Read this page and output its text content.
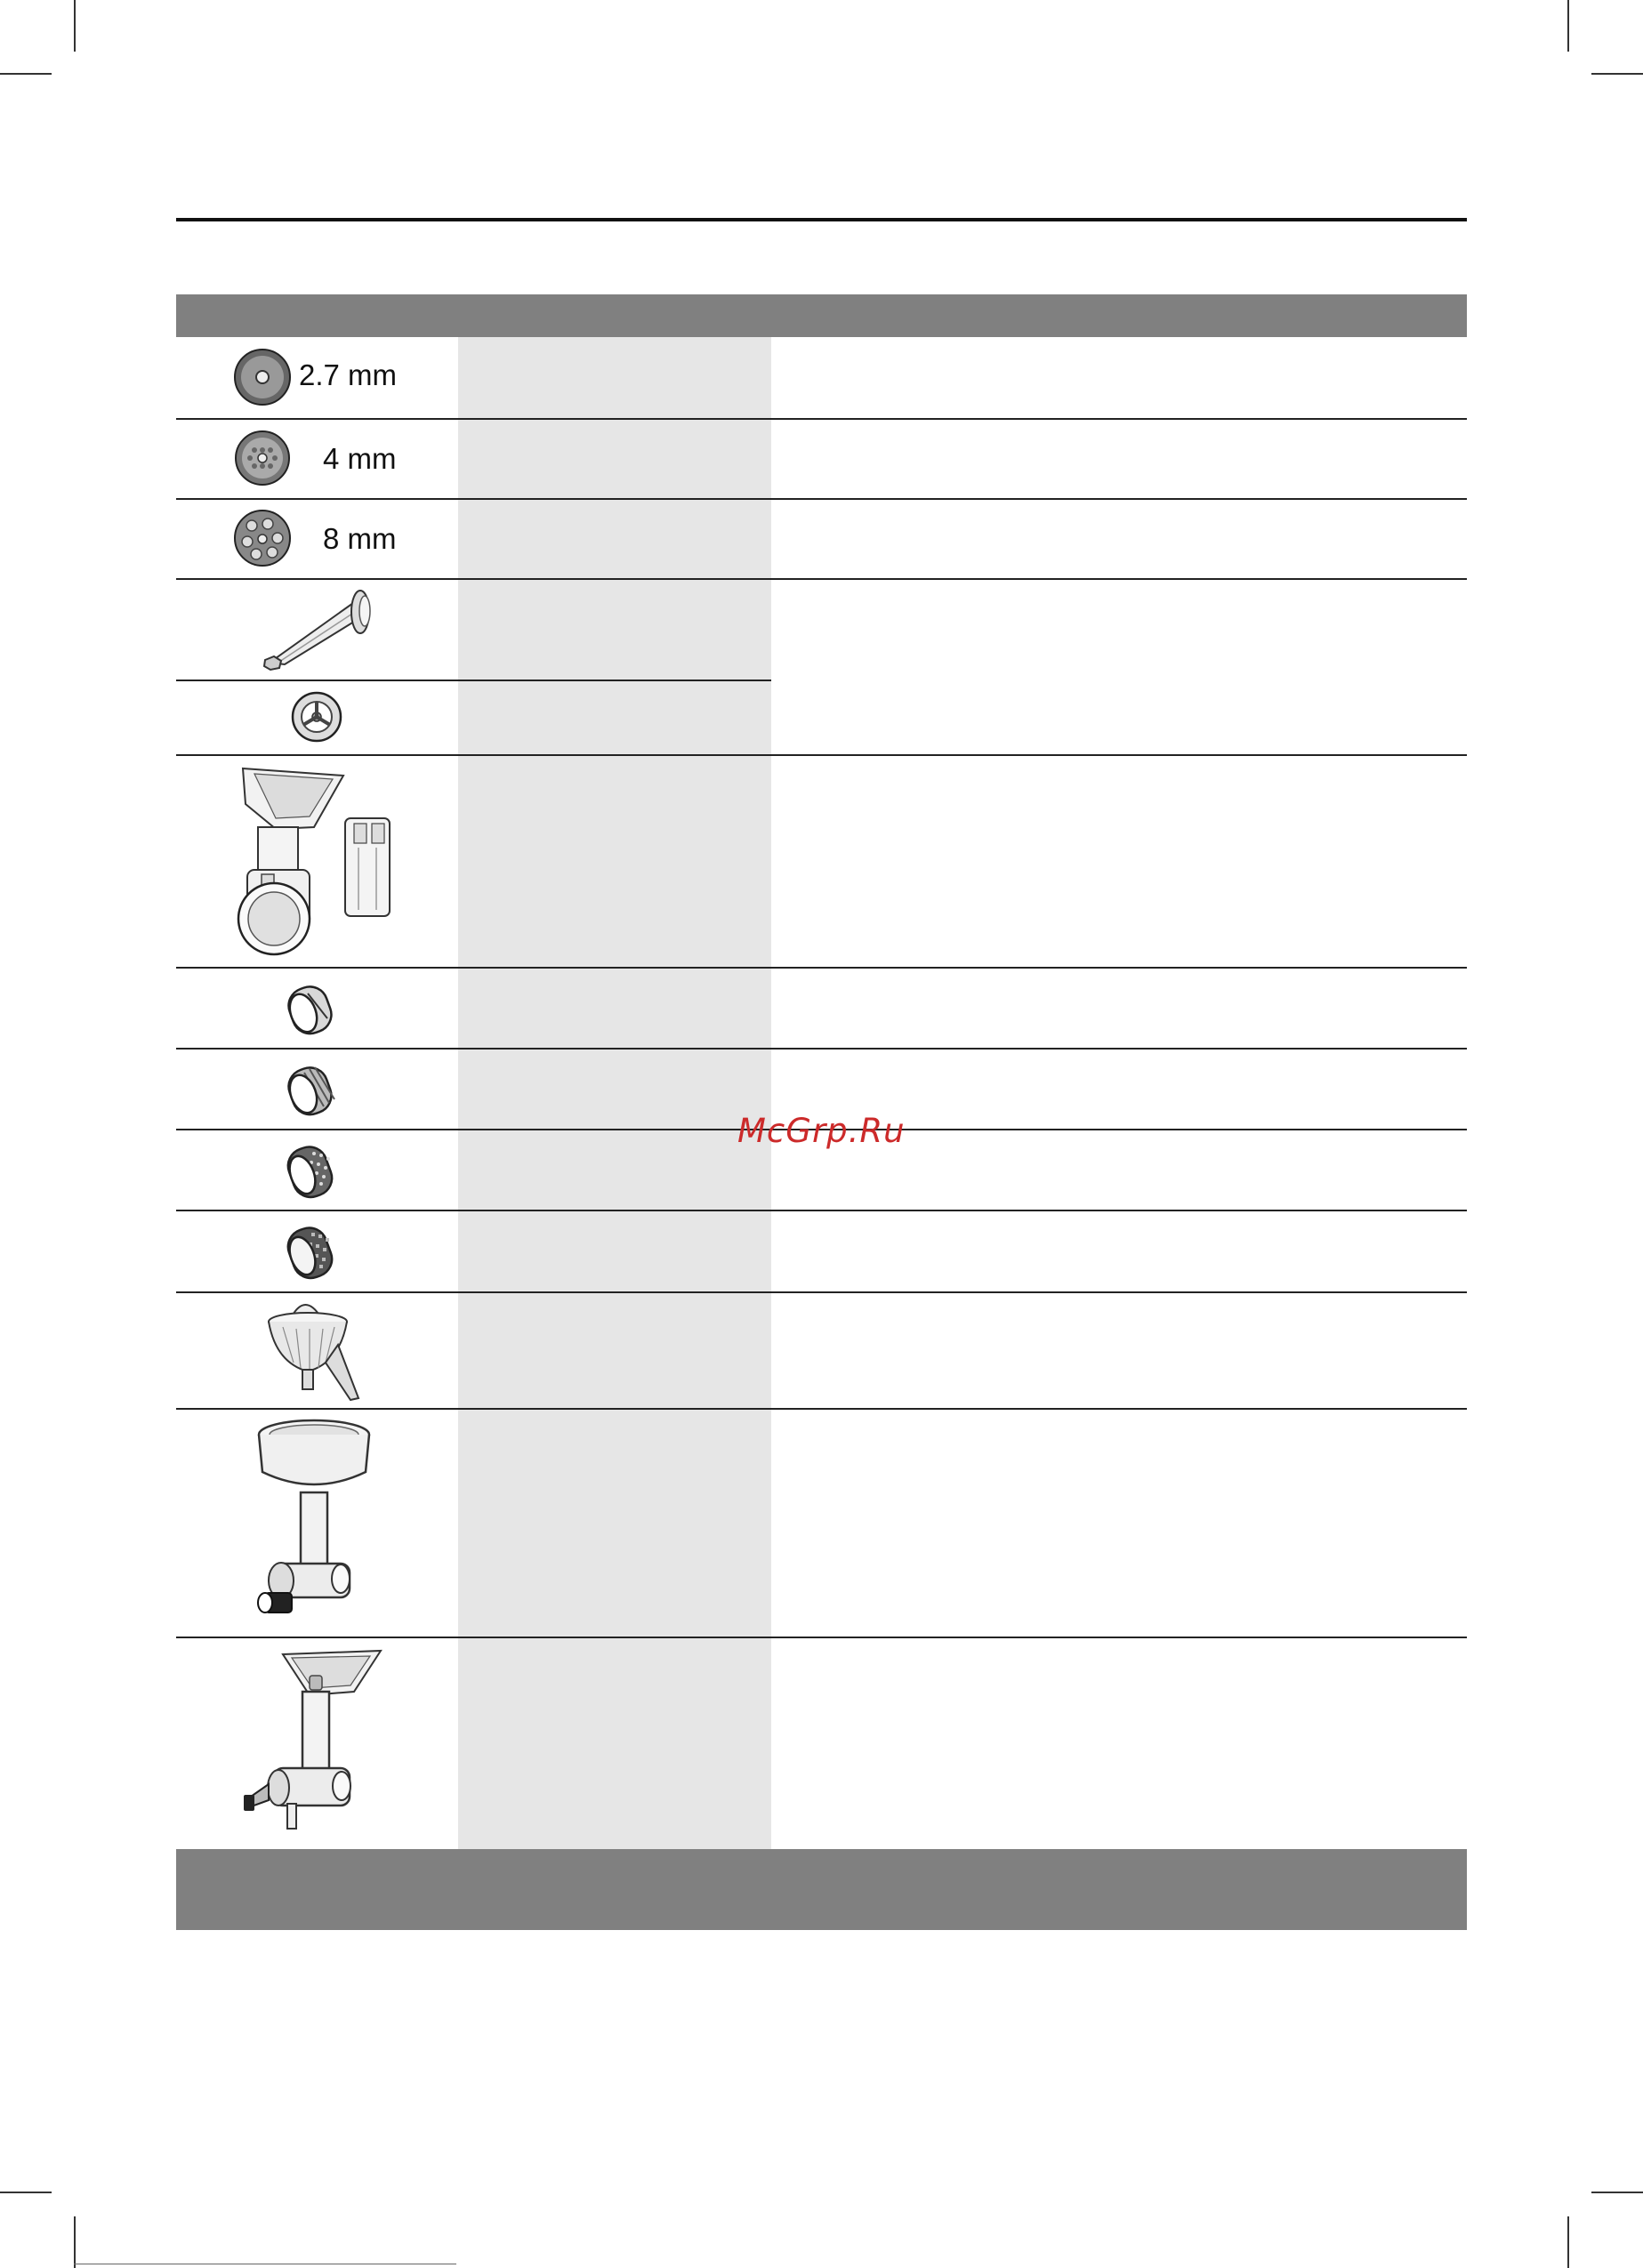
2.7 mm
4 mm
8 mm
McGrp.Ru
